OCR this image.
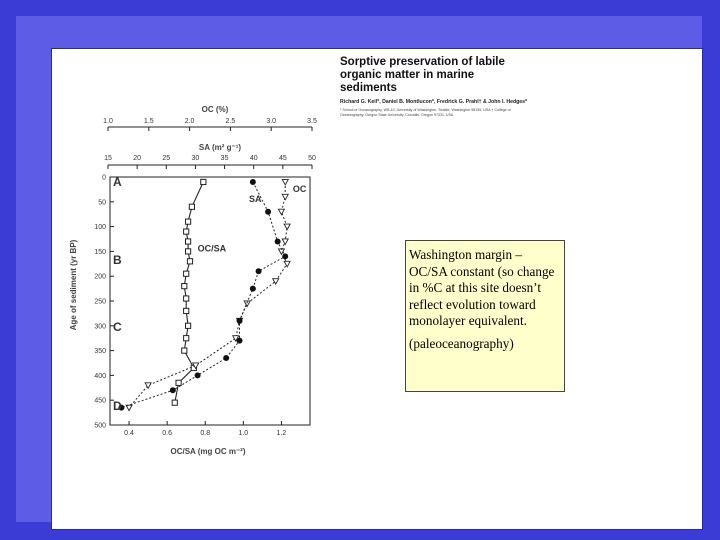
OC (%)
SA (m² g⁻¹)
OC/SA (mg OC m⁻²)
Age of sediment (yr BP)
0
50
100
150
200
250
300
350
400
450
500
0.4	0.6	0.8	1.0	1.2
1.0	1.5	2.0	2.5	3.0	3.5
15	20	25	30	35	40	45	50
A
B
C
D
OC/SA
OC
SA
Sorptive preservation of labile organic matter in marine sediments
Richard G. Keil*, Daniel B. Montlucon*, Fredrick G. Prahl† & John I. Hedges*
* School of Oceanography, WB-10, University of Washington, Seattle, Washington 98195, USA † College of Oceanography, Oregon State University, Corvallis, Oregon 97331, USA

Washington margin – OC/SA constant (so change in %C at this site doesn’t reflect evolution toward monolayer equivalent.

(paleoceanography)
